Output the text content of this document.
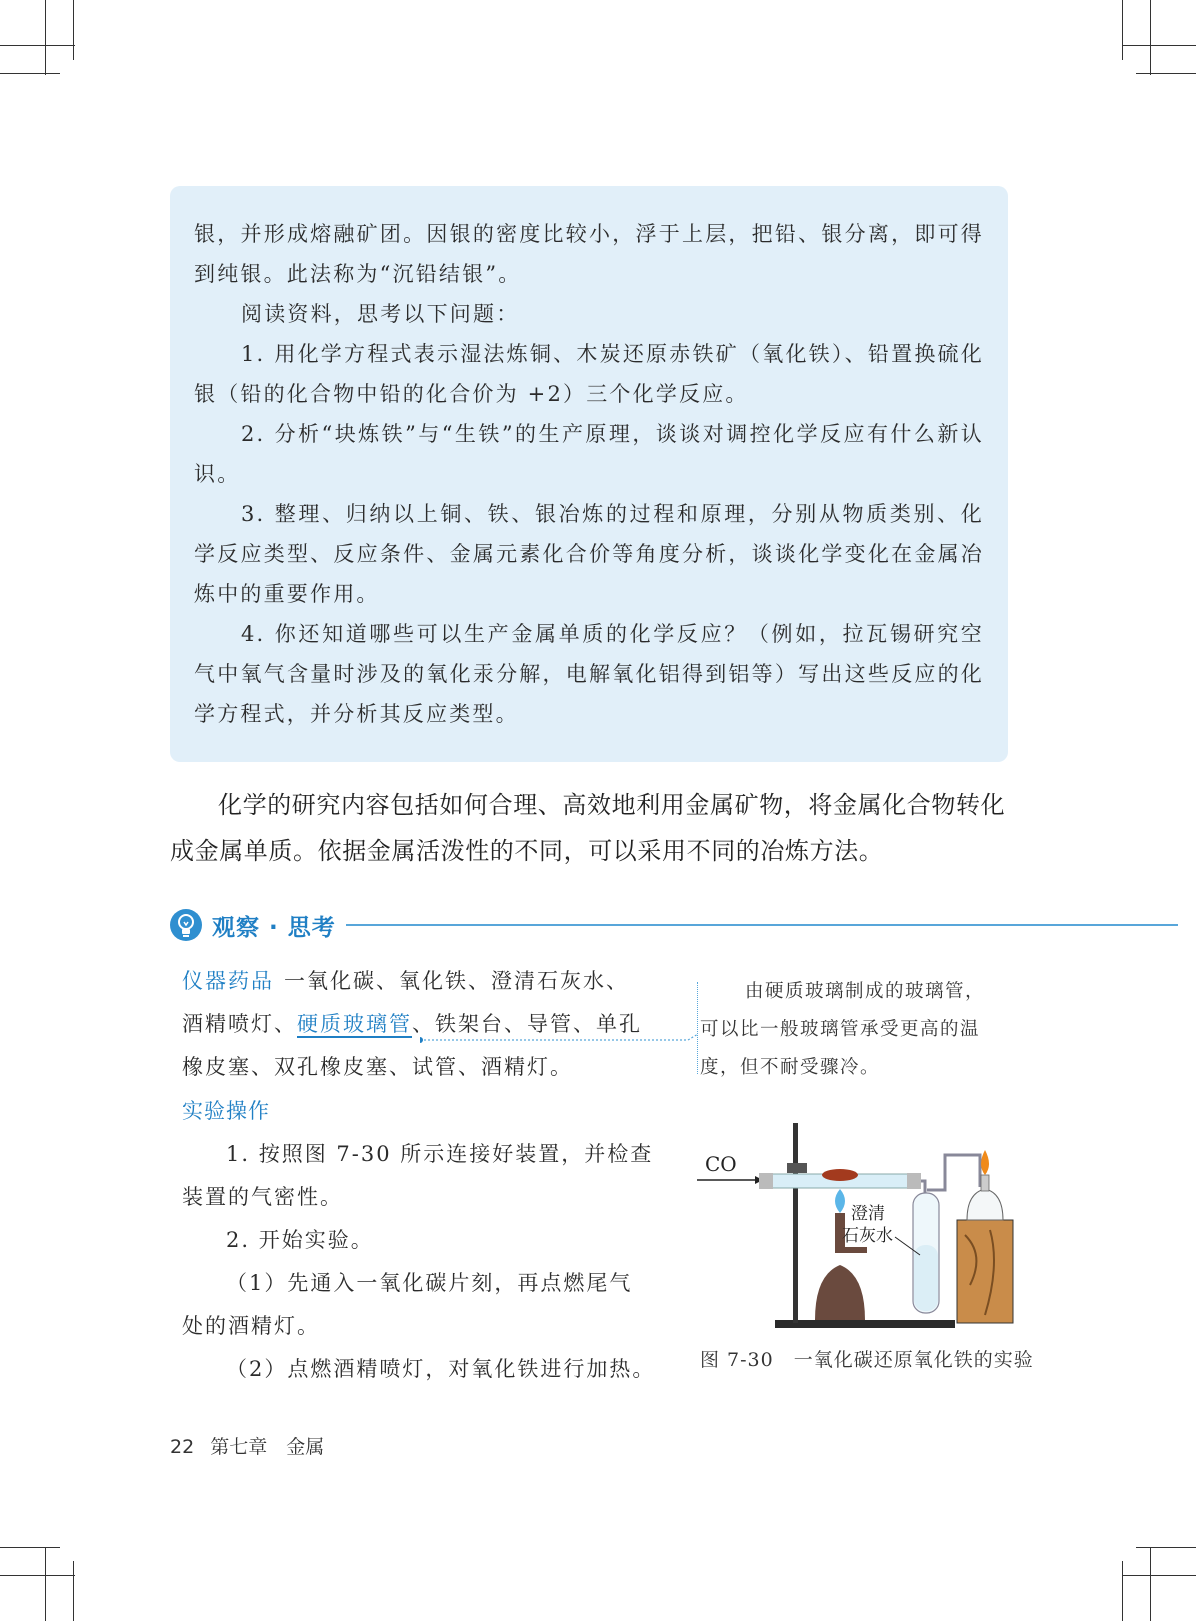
银，并形成熔融矿团。因银的密度比较小，浮于上层，把铅、银分离，即可得到纯银。此法称为“沉铅结银”。

阅读资料，思考以下问题：

1. 用化学方程式表示湿法炼铜、木炭还原赤铁矿（氧化铁）、铅置换硫化银（铅的化合物中铅的化合价为 +2）三个化学反应。

2. 分析“块炼铁”与“生铁”的生产原理，谈谈对调控化学反应有什么新认识。

3. 整理、归纳以上铜、铁、银冶炼的过程和原理，分别从物质类别、化学反应类型、反应条件、金属元素化合价等角度分析，谈谈化学变化在金属冶炼中的重要作用。

4. 你还知道哪些可以生产金属单质的化学反应？（例如，拉瓦锡研究空气中氧气含量时涉及的氧化汞分解，电解氧化铝得到铝等）写出这些反应的化学方程式，并分析其反应类型。

化学的研究内容包括如何合理、高效地利用金属矿物，将金属化合物转化成金属单质。依据金属活泼性的不同，可以采用不同的冶炼方法。

观察 · 思考

仪器药品 一氧化碳、氧化铁、澄清石灰水、

酒精喷灯、硬质玻璃管、铁架台、导管、单孔

橡皮塞、双孔橡皮塞、试管、酒精灯。

实验操作

1. 按照图 7-30 所示连接好装置，并检查

装置的气密性。

2. 开始实验。

（1）先通入一氧化碳片刻，再点燃尾气

处的酒精灯。

（2）点燃酒精喷灯，对氧化铁进行加热。

由硬质玻璃制成的玻璃管，可以比一般玻璃管承受更高的温度，但不耐受骤冷。
CO
澄清
石灰水
图 7-30　一氧化碳还原氧化铁的实验
22 第七章　金属
